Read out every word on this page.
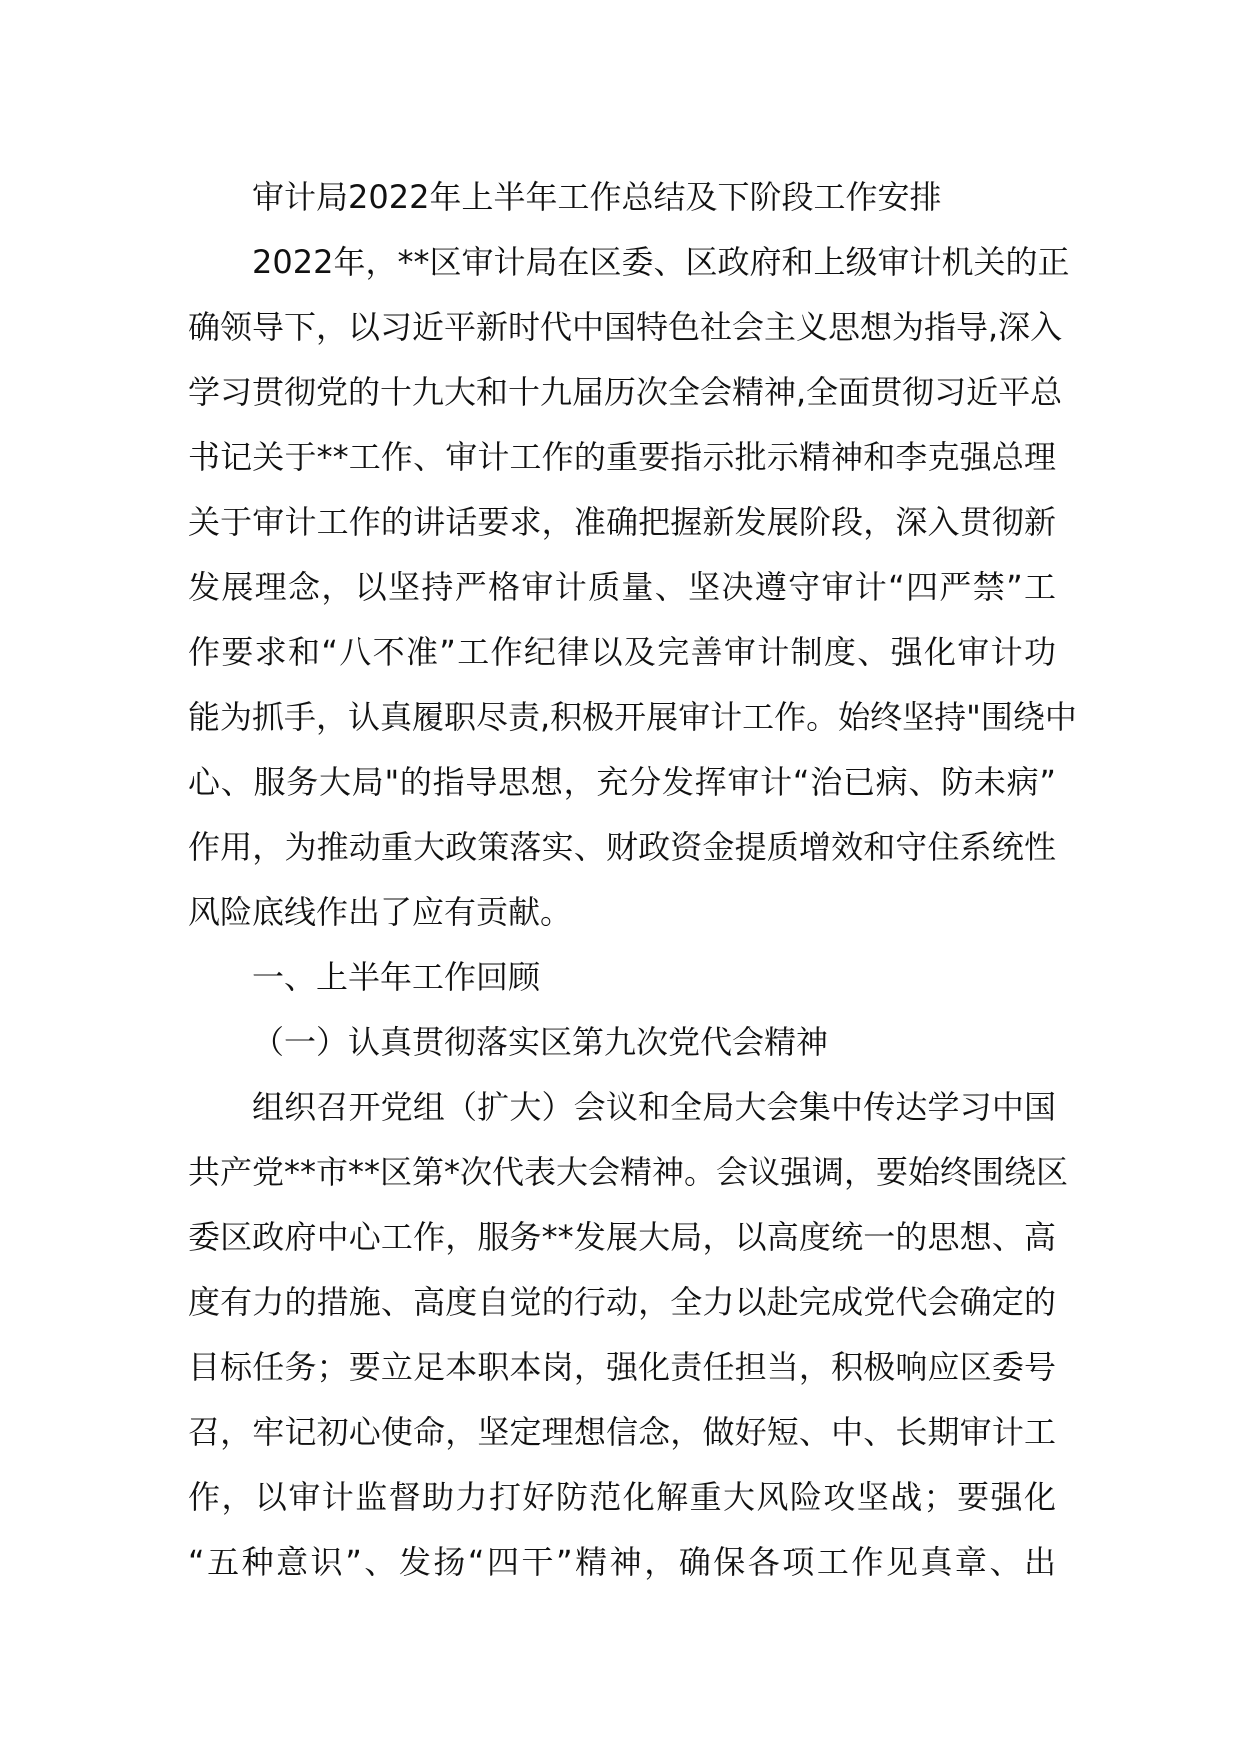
审计局2022年上半年工作总结及下阶段工作安排
2022年，**区审计局在区委、区政府和上级审计机关的正
确领导下，以习近平新时代中国特色社会主义思想为指导,深入
学习贯彻党的十九大和十九届历次全会精神,全面贯彻习近平总
书记关于**工作、审计工作的重要指示批示精神和李克强总理
关于审计工作的讲话要求，准确把握新发展阶段，深入贯彻新
发展理念，以坚持严格审计质量、坚决遵守审计“四严禁”工
作要求和“八不准”工作纪律以及完善审计制度、强化审计功
能为抓手，认真履职尽责,积极开展审计工作。始终坚持"围绕中
心、服务大局"的指导思想，充分发挥审计“治已病、防未病”
作用，为推动重大政策落实、财政资金提质增效和守住系统性
风险底线作出了应有贡献。
一、上半年工作回顾
（一）认真贯彻落实区第九次党代会精神
组织召开党组（扩大）会议和全局大会集中传达学习中国
共产党**市**区第*次代表大会精神。会议强调，要始终围绕区
委区政府中心工作，服务**发展大局，以高度统一的思想、高
度有力的措施、高度自觉的行动，全力以赴完成党代会确定的
目标任务；要立足本职本岗，强化责任担当，积极响应区委号
召，牢记初心使命，坚定理想信念，做好短、中、长期审计工
作，以审计监督助力打好防范化解重大风险攻坚战；要强化
“五种意识”、发扬“四干”精神，确保各项工作见真章、出
